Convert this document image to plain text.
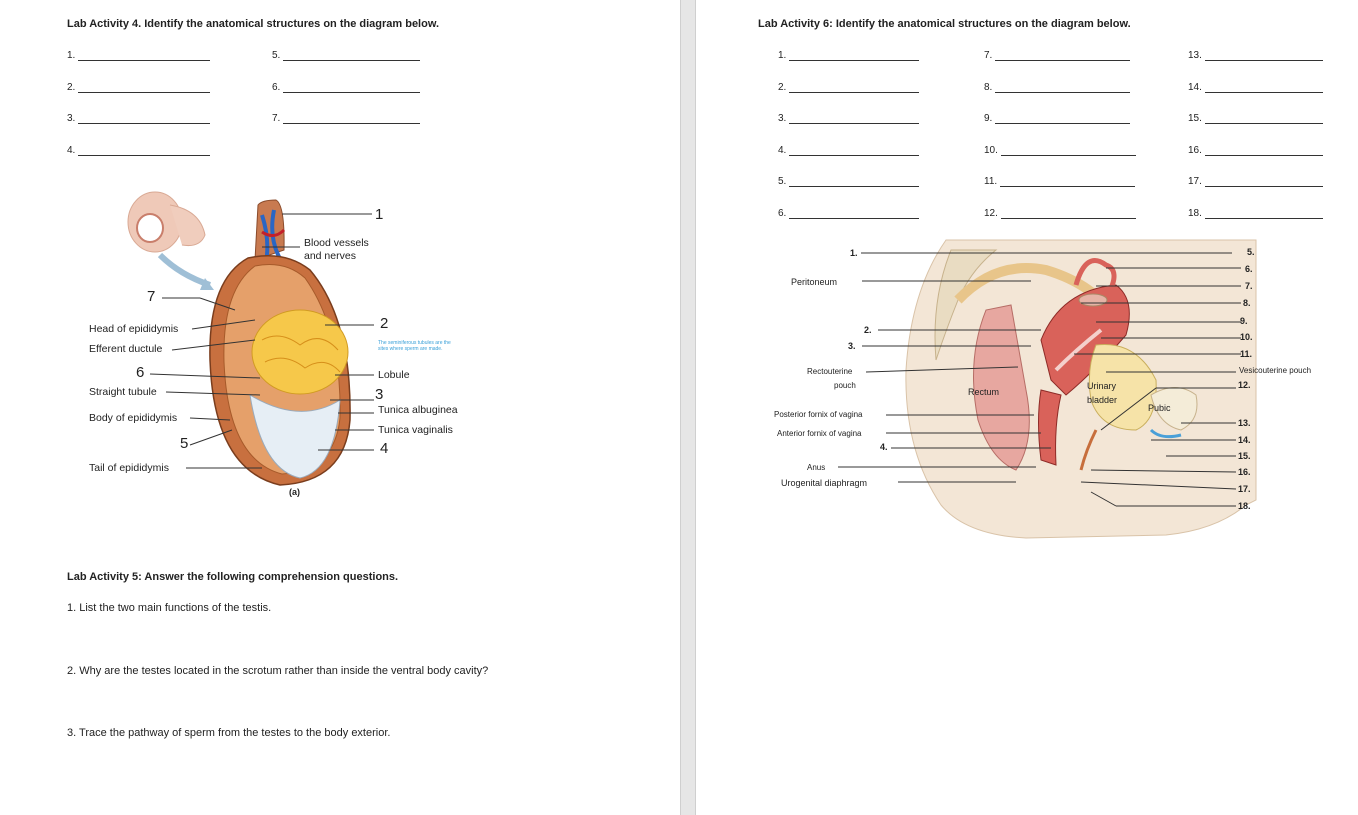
Lab Activity 4. Identify the anatomical structures on the diagram below.
1.
2.
3.
4.
5.
6.
7.
1
Blood vessels
and nerves
7
Head of epididymis
Efferent ductule
2
The seminiferous tubules are the sites where sperm are made.
6	Lobule
Straight tubule	3
Tunica albuginea
Body of epididymis
Tunica vaginalis
5	4
Tail of epididymis
(a)
Lab Activity 5: Answer the following comprehension questions.
1. List the two main functions of the testis.
2. Why are the testes located in the scrotum rather than inside the ventral body cavity?
3. Trace the pathway of sperm from the testes to the body exterior.
Lab Activity 6: Identify the anatomical structures on the diagram below.
1.
2.
3.
4.
5.
6.
7.
8.
9.
10.
11.
12.
13.
14.
15.
16.
17.
18.
1.
Peritoneum
2.
3.
Rectouterine
pouch
Posterior fornix of vagina
Anterior fornix of vagina
4.
Anus
Urogenital diaphragm
Rectum
Urinary
bladder
Pubic
Vesicouterine pouch
5.
6.
7.
8.
9.
10.
11.
12.
13.
14.
15.
16.
17.
18.
